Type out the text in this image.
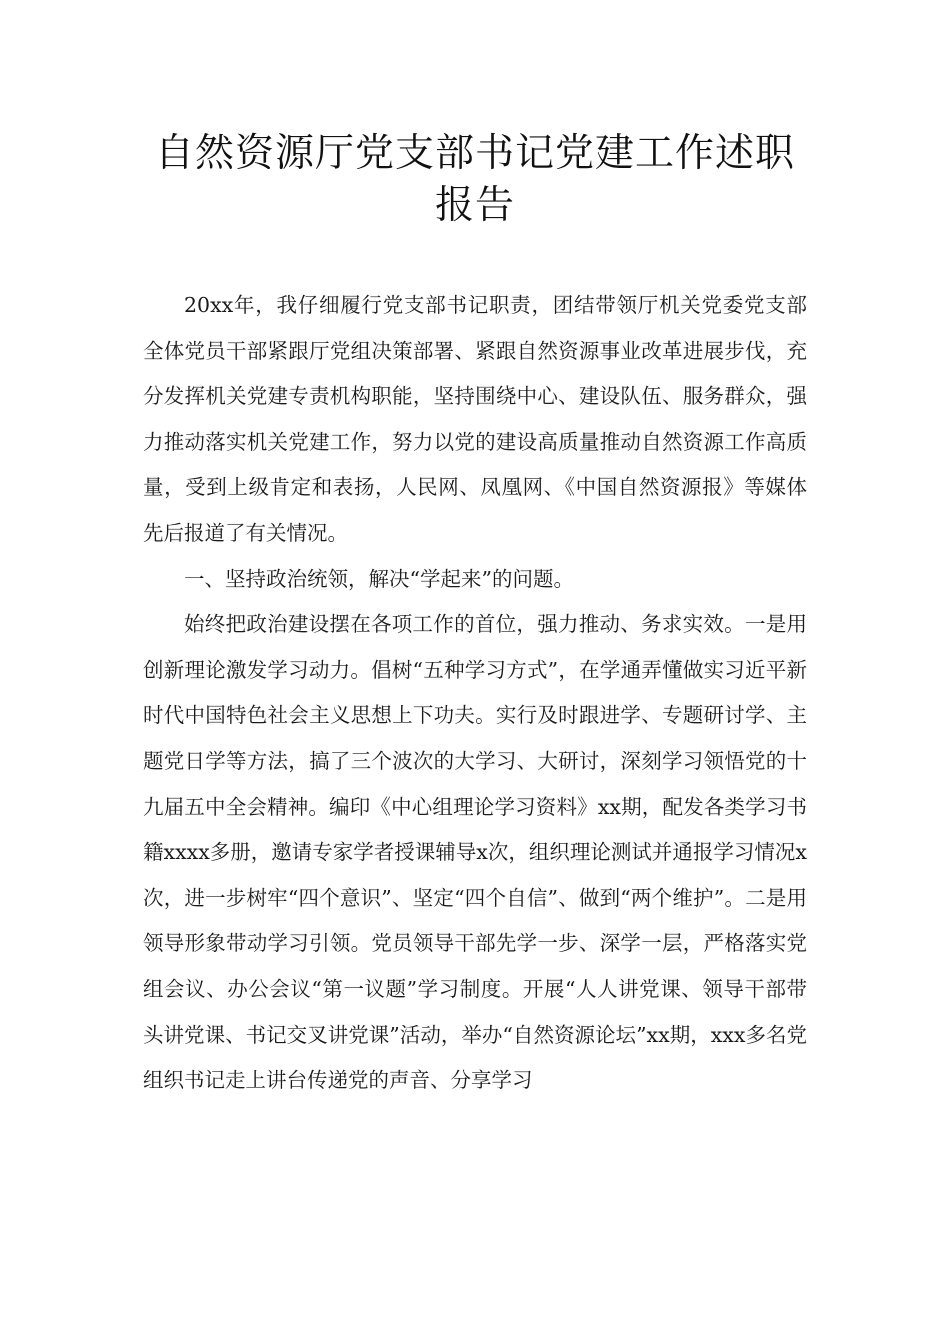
自然资源厅党支部书记党建工作述职报告

20xx年，我仔细履行党支部书记职责，团结带领厅机关党委党支部全体党员干部紧跟厅党组决策部署、紧跟自然资源事业改革进展步伐，充分发挥机关党建专责机构职能，坚持围绕中心、建设队伍、服务群众，强力推动落实机关党建工作，努力以党的建设高质量推动自然资源工作高质量，受到上级肯定和表扬，人民网、凤凰网、《中国自然资源报》等媒体先后报道了有关情况。

一、坚持政治统领，解决“学起来”的问题。

始终把政治建设摆在各项工作的首位，强力推动、务求实效。一是用创新理论激发学习动力。倡树“五种学习方式”，在学通弄懂做实习近平新时代中国特色社会主义思想上下功夫。实行及时跟进学、专题研讨学、主题党日学等方法，搞了三个波次的大学习、大研讨，深刻学习领悟党的十九届五中全会精神。编印《中心组理论学习资料》xx期，配发各类学习书籍xxxx多册，邀请专家学者授课辅导x次，组织理论测试并通报学习情况x次，进一步树牢“四个意识”、坚定“四个自信”、做到“两个维护”。二是用领导形象带动学习引领。党员领导干部先学一步、深学一层，严格落实党组会议、办公会议“第一议题”学习制度。开展“人人讲党课、领导干部带头讲党课、书记交叉讲党课”活动，举办“自然资源论坛”xx期，xxx多名党组织书记走上讲台传递党的声音、分享学习
